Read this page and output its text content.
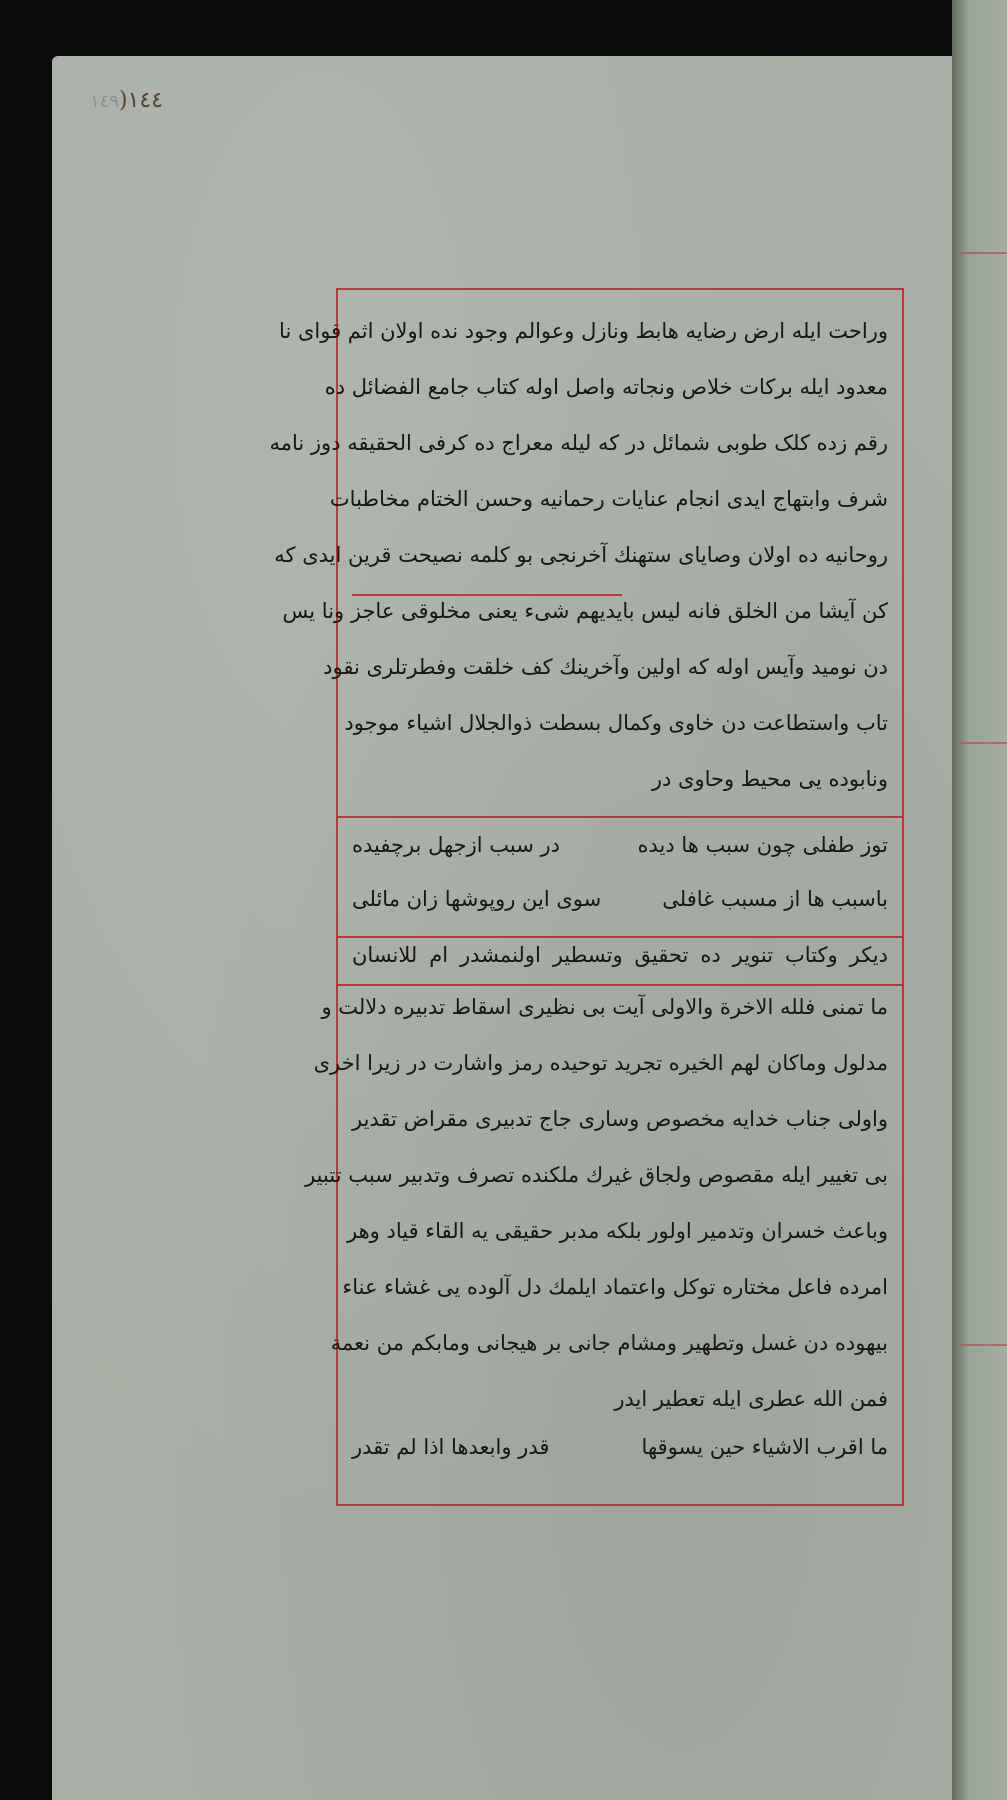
١٤٤(١٤٩
وراحت ایله ارض رضایه هابط ونازل وعوالم وجود نده اولان اثم قوای نا
معدود ایله برکات خلاص ونجاته واصل اوله کتاب جامع الفضائل ده
رقم زده کلک طوبی شمائل در که لیله معراج ده کرفی الحقیقه دوز نامه
شرف وابتهاج ایدی انجام عنایات رحمانیه وحسن الختام مخاطبات
روحانیه ده اولان وصایای ستهنك آخرنجی بو کلمه نصیحت قرین ایدی که
کن آیشا من الخلق فانه لیس بایدیهم شیء یعنی مخلوقی عاجز ونا یس
دن نومید وآیس اوله که اولین وآخرینك کف خلقت وفطرتلری نقود
تاب واستطاعت دن خاوی وکمال بسطت ذوالجلال اشیاء موجود
ونابوده یی محیط وحاوی در
توز طفلی چون سبب ها دیده
در سبب ازجهل برچفیده
باسبب ها از مسبب غافلی
سوی این روپوشها زان مائلی
دیکر وکتاب تنویر ده تحقیق وتسطیر اولنمشدر ام للانسان
ما تمنی فلله الاخرة والاولی آیت بی نظیری اسقاط تدبیره دلالت و
مدلول وماکان لهم الخیره تجرید توحیده رمز واشارت در زیرا اخری
واولی جناب خدایه مخصوص وساری جاج تدبیری مقراض تقدیر
بی تغییر ایله مقصوص ولجاق غیرك ملکنده تصرف وتدبیر سبب تتبیر
وباعث خسران وتدمیر اولور بلکه مدبر حقیقی یه القاء قیاد وهر
امرده فاعل مختاره توکل واعتماد ایلمك دل آلوده یی غشاء عناء
بیهوده دن غسل وتطهیر ومشام جانی بر هیجانی ومابکم من نعمة
فمن الله عطری ایله تعطیر ایدر
ما اقرب الاشیاء حین یسوقها
قدر وابعدها اذا لم تقدر
